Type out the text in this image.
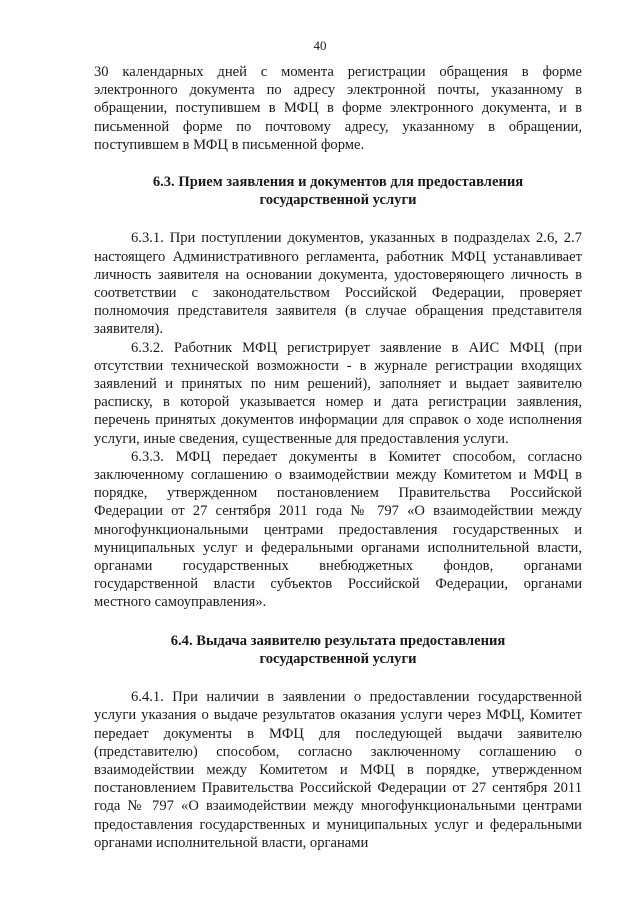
40

30 календарных дней с момента регистрации обращения в форме электронного документа по адресу электронной почты, указанному в обращении, поступившем в МФЦ в форме электронного документа, и в письменной форме по почтовому адресу, указанному в обращении, поступившем в МФЦ в письменной форме.

6.3. Прием заявления и документов для предоставления
государственной услуги

6.3.1. При поступлении документов, указанных в подразделах 2.6, 2.7 настоящего Административного регламента, работник МФЦ устанавливает личность заявителя на основании документа, удостоверяющего личность в соответствии с законодательством Российской Федерации, проверяет полномочия представителя заявителя (в случае обращения представителя заявителя).

6.3.2. Работник МФЦ регистрирует заявление в АИС МФЦ (при отсутствии технической возможности - в журнале регистрации входящих заявлений и принятых по ним решений), заполняет и выдает заявителю расписку, в которой указывается номер и дата регистрации заявления, перечень принятых документов информации для справок о ходе исполнения услуги, иные сведения, существенные для предоставления услуги.

6.3.3. МФЦ передает документы в Комитет способом, согласно заключенному соглашению о взаимодействии между Комитетом и МФЦ в порядке, утвержденном постановлением Правительства Российской Федерации от 27 сентября 2011 года № 797 «О взаимодействии между многофункциональными центрами предоставления государственных и муниципальных услуг и федеральными органами исполнительной власти, органами государственных внебюджетных фондов, органами государственной власти субъектов Российской Федерации, органами местного самоуправления».

6.4. Выдача заявителю результата предоставления
государственной услуги

6.4.1. При наличии в заявлении о предоставлении государственной услуги указания о выдаче результатов оказания услуги через МФЦ, Комитет передает документы в МФЦ для последующей выдачи заявителю (представителю) способом, согласно заключенному соглашению о взаимодействии между Комитетом и МФЦ в порядке, утвержденном постановлением Правительства Российской Федерации от 27 сентября 2011 года № 797 «О взаимодействии между многофункциональными центрами предоставления государственных и муниципальных услуг и федеральными органами исполнительной власти, органами
